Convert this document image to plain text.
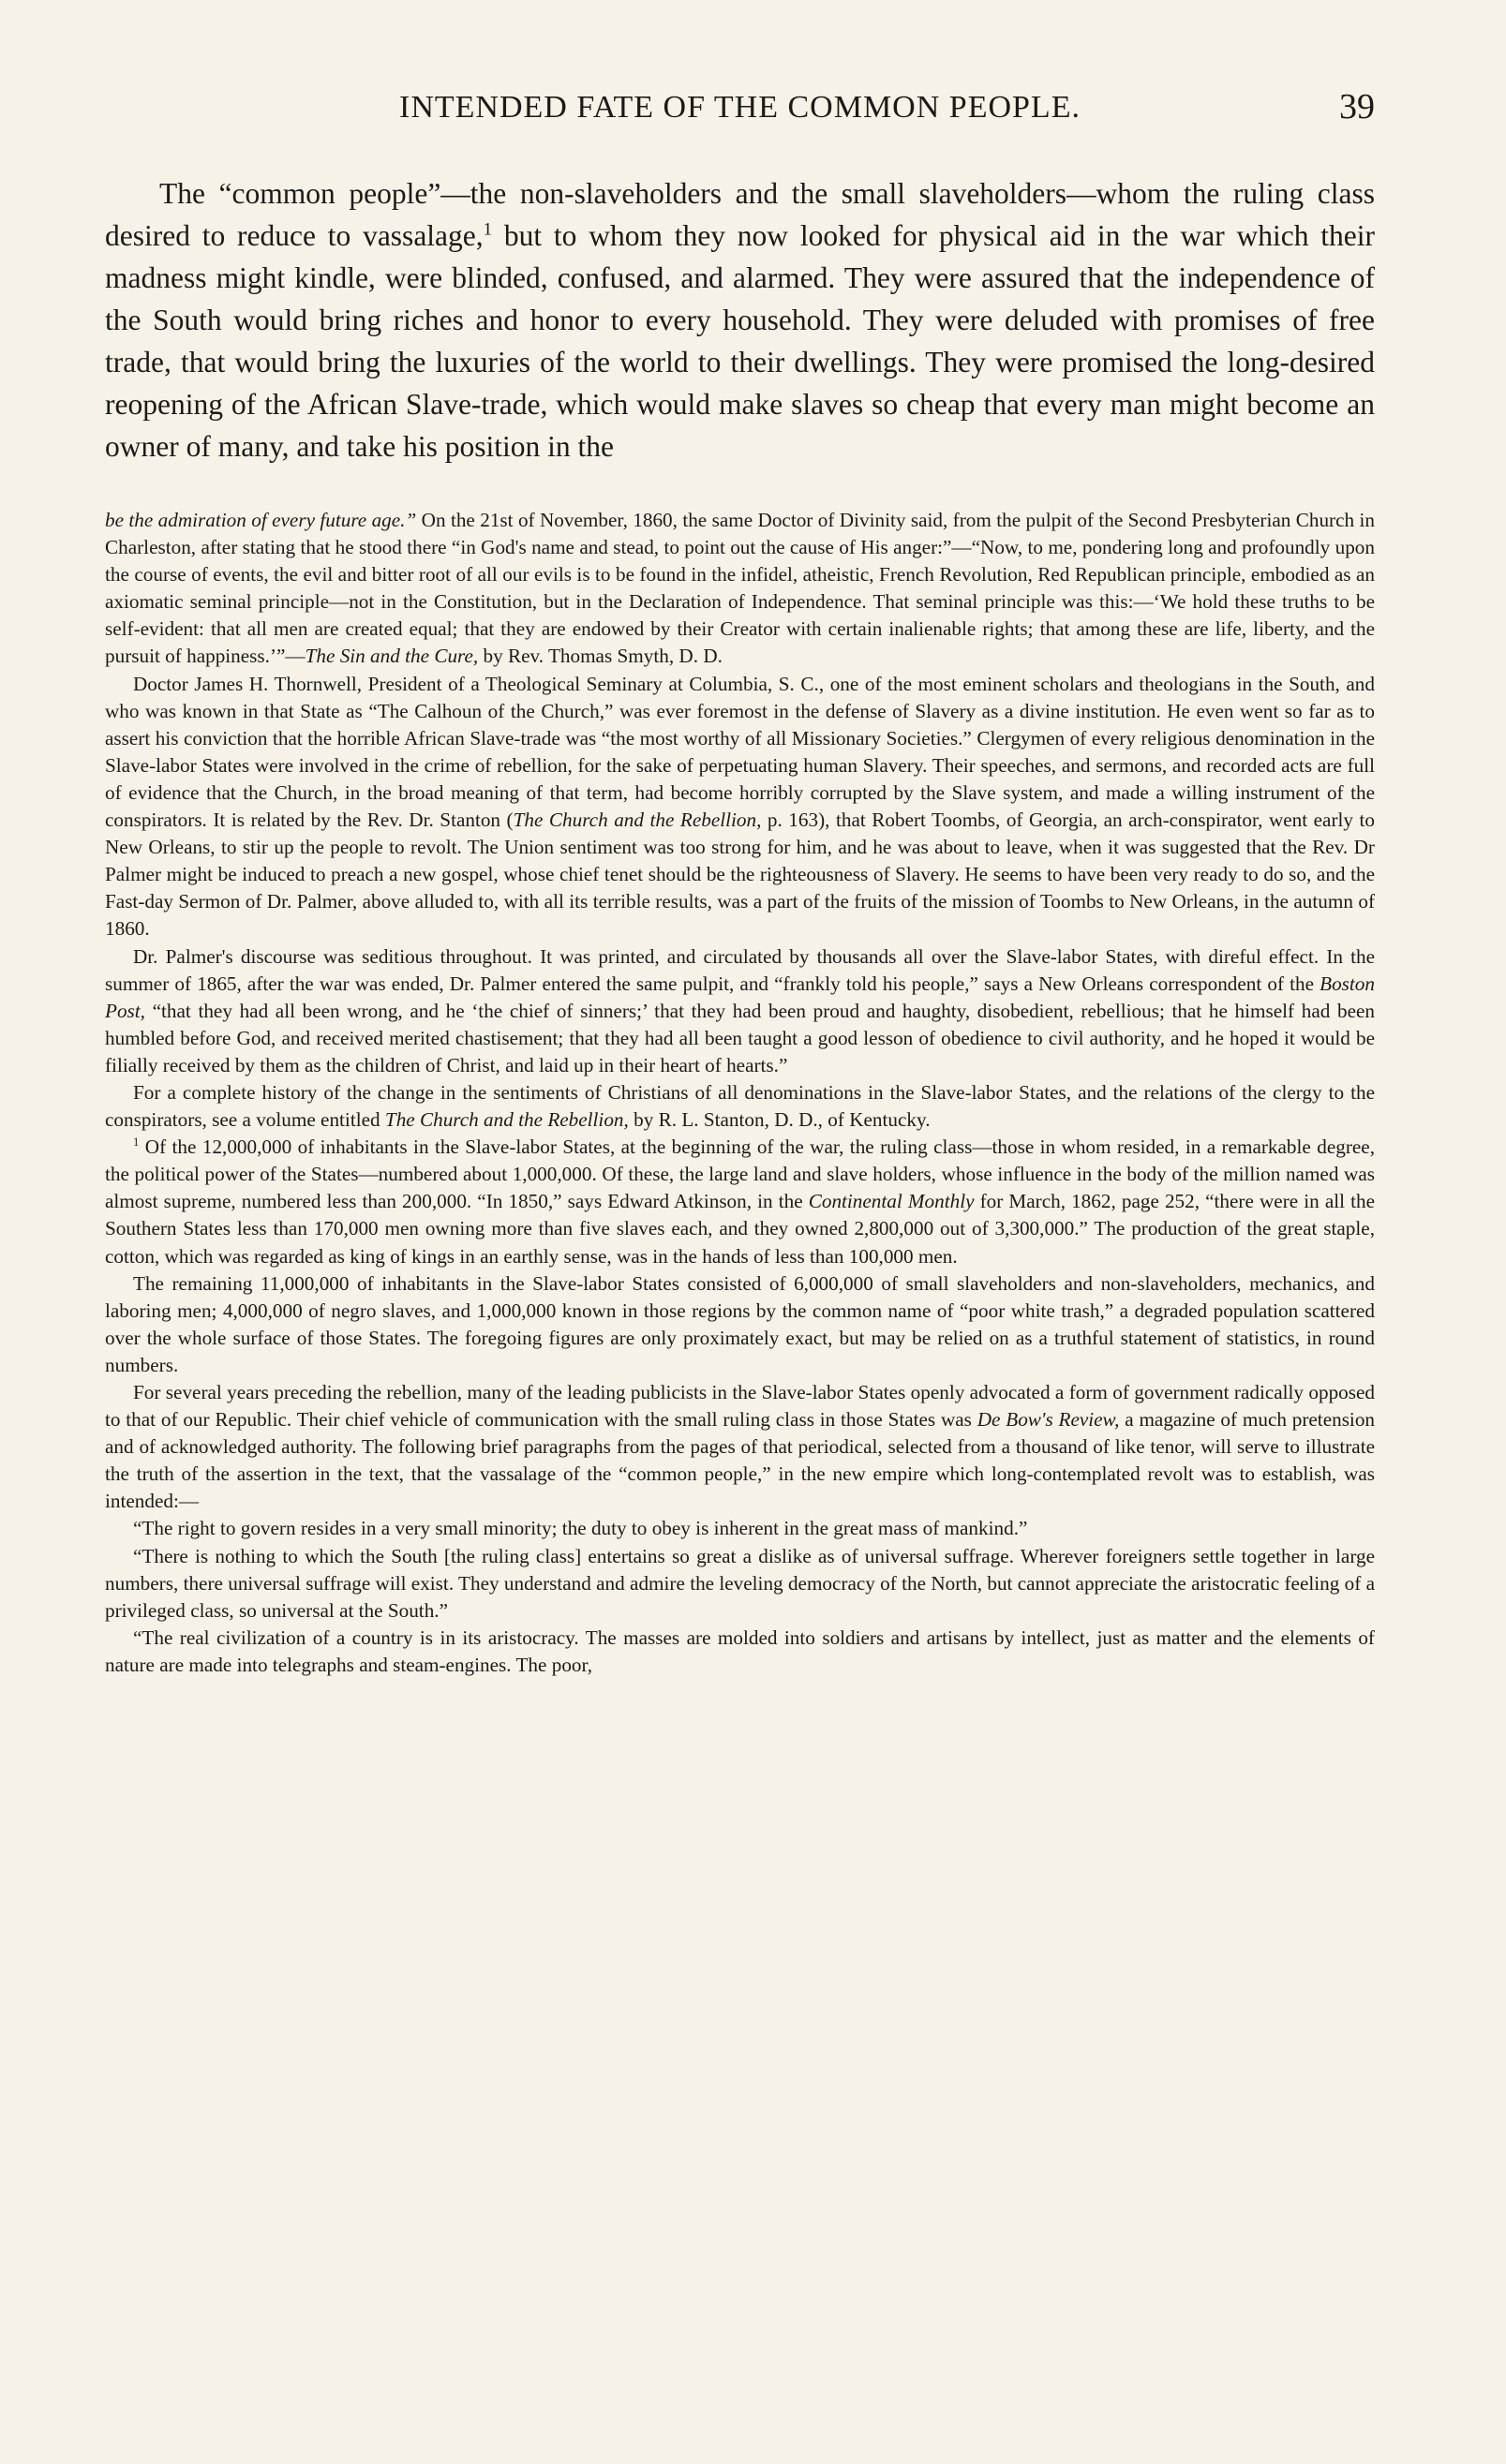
INTENDED FATE OF THE COMMON PEOPLE.	39

The “common people”—the non-slaveholders and the small slaveholders—whom the ruling class desired to reduce to vassalage,$^1$ but to whom they now looked for physical aid in the war which their madness might kindle, were blinded, confused, and alarmed. They were assured that the independence of the South would bring riches and honor to every household. They were deluded with promises of free trade, that would bring the luxuries of the world to their dwellings. They were promised the long-desired reopening of the African Slave-trade, which would make slaves so cheap that every man might become an owner of many, and take his position in the

be the admiration of every future age.” On the 21st of November, 1860, the same Doctor of Divinity said, from the pulpit of the Second Presbyterian Church in Charleston, after stating that he stood there “in God's name and stead, to point out the cause of His anger:”—“Now, to me, pondering long and profoundly upon the course of events, the evil and bitter root of all our evils is to be found in the infidel, atheistic, French Revolution, Red Republican principle, embodied as an axiomatic seminal principle—not in the Constitution, but in the Declaration of Independence. That seminal principle was this:—‘We hold these truths to be self-evident: that all men are created equal; that they are endowed by their Creator with certain inalienable rights; that among these are life, liberty, and the pursuit of happiness.’”—The Sin and the Cure, by Rev. Thomas Smyth, D. D.

Doctor James H. Thornwell, President of a Theological Seminary at Columbia, S. C., one of the most eminent scholars and theologians in the South, and who was known in that State as “The Calhoun of the Church,” was ever foremost in the defense of Slavery as a divine institution. He even went so far as to assert his conviction that the horrible African Slave-trade was “the most worthy of all Missionary Societies.” Clergymen of every religious denomination in the Slave-labor States were involved in the crime of rebellion, for the sake of perpetuating human Slavery. Their speeches, and sermons, and recorded acts are full of evidence that the Church, in the broad meaning of that term, had become horribly corrupted by the Slave system, and made a willing instrument of the conspirators. It is related by the Rev. Dr. Stanton (The Church and the Rebellion, p. 163), that Robert Toombs, of Georgia, an arch-conspirator, went early to New Orleans, to stir up the people to revolt. The Union sentiment was too strong for him, and he was about to leave, when it was suggested that the Rev. Dr Palmer might be induced to preach a new gospel, whose chief tenet should be the righteousness of Slavery. He seems to have been very ready to do so, and the Fast-day Sermon of Dr. Palmer, above alluded to, with all its terrible results, was a part of the fruits of the mission of Toombs to New Orleans, in the autumn of 1860.

Dr. Palmer's discourse was seditious throughout. It was printed, and circulated by thousands all over the Slave-labor States, with direful effect. In the summer of 1865, after the war was ended, Dr. Palmer entered the same pulpit, and “frankly told his people,” says a New Orleans correspondent of the Boston Post, “that they had all been wrong, and he ‘the chief of sinners;’ that they had been proud and haughty, disobedient, rebellious; that he himself had been humbled before God, and received merited chastisement; that they had all been taught a good lesson of obedience to civil authority, and he hoped it would be filially received by them as the children of Christ, and laid up in their heart of hearts.”

For a complete history of the change in the sentiments of Christians of all denominations in the Slave-labor States, and the relations of the clergy to the conspirators, see a volume entitled The Church and the Rebellion, by R. L. Stanton, D. D., of Kentucky.

$^1$ Of the 12,000,000 of inhabitants in the Slave-labor States, at the beginning of the war, the ruling class—those in whom resided, in a remarkable degree, the political power of the States—numbered about 1,000,000. Of these, the large land and slave holders, whose influence in the body of the million named was almost supreme, numbered less than 200,000. “In 1850,” says Edward Atkinson, in the Continental Monthly for March, 1862, page 252, “there were in all the Southern States less than 170,000 men owning more than five slaves each, and they owned 2,800,000 out of 3,300,000.” The production of the great staple, cotton, which was regarded as king of kings in an earthly sense, was in the hands of less than 100,000 men.

The remaining 11,000,000 of inhabitants in the Slave-labor States consisted of 6,000,000 of small slaveholders and non-slaveholders, mechanics, and laboring men; 4,000,000 of negro slaves, and 1,000,000 known in those regions by the common name of “poor white trash,” a degraded population scattered over the whole surface of those States. The foregoing figures are only proximately exact, but may be relied on as a truthful statement of statistics, in round numbers.

For several years preceding the rebellion, many of the leading publicists in the Slave-labor States openly advocated a form of government radically opposed to that of our Republic. Their chief vehicle of communication with the small ruling class in those States was De Bow's Review, a magazine of much pretension and of acknowledged authority. The following brief paragraphs from the pages of that periodical, selected from a thousand of like tenor, will serve to illustrate the truth of the assertion in the text, that the vassalage of the “common people,” in the new empire which long-contemplated revolt was to establish, was intended:—

“The right to govern resides in a very small minority; the duty to obey is inherent in the great mass of mankind.”

“There is nothing to which the South [the ruling class] entertains so great a dislike as of universal suffrage. Wherever foreigners settle together in large numbers, there universal suffrage will exist. They understand and admire the leveling democracy of the North, but cannot appreciate the aristocratic feeling of a privileged class, so universal at the South.”

“The real civilization of a country is in its aristocracy. The masses are molded into soldiers and artisans by intellect, just as matter and the elements of nature are made into telegraphs and steam-engines. The poor,
